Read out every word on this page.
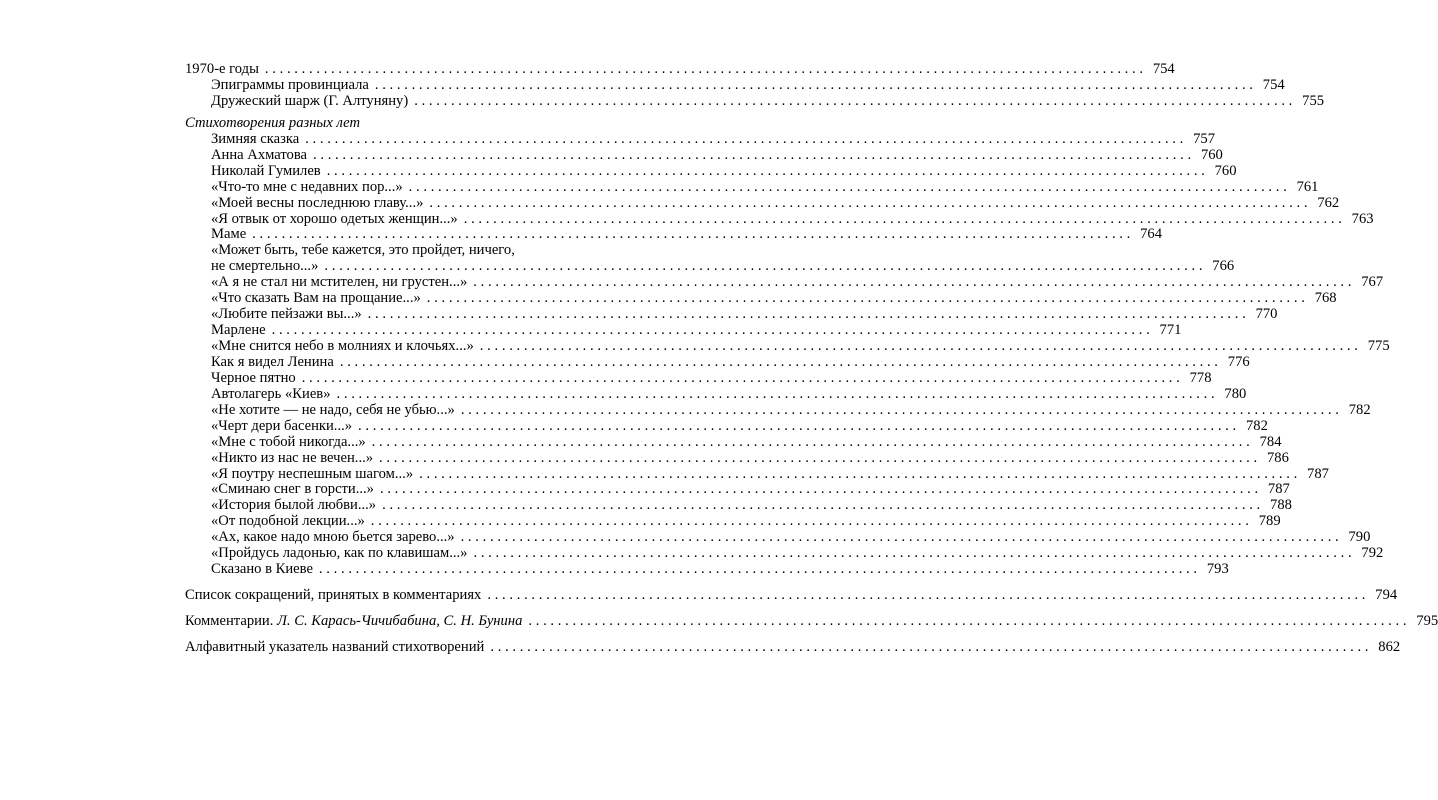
1970-е годы ........................................................................................................................ 754
Эпиграммы провинциала ........................................................................................................................ 754
Дружеский шарж (Г. Алтуняну) ........................................................................................................................ 755
Стихотворения разных лет
Зимняя сказка ........................................................................................................................ 757
Анна Ахматова ........................................................................................................................ 760
Николай Гумилев ........................................................................................................................ 760
«Что-то мне с недавних пор...» ........................................................................................................................ 761
«Моей весны последнюю главу...» ........................................................................................................................ 762
«Я отвык от хорошо одетых женщин...» ........................................................................................................................ 763
Маме ........................................................................................................................ 764
«Может быть, тебе кажется, это пройдет, ничего,
не смертельно...» ........................................................................................................................ 766
«А я не стал ни мстителен, ни грустен...» ........................................................................................................................ 767
«Что сказать Вам на прощание...» ........................................................................................................................ 768
«Любите пейзажи вы...» ........................................................................................................................ 770
Марлене ........................................................................................................................ 771
«Мне снится небо в молниях и клочьях...» ........................................................................................................................ 775
Как я видел Ленина ........................................................................................................................ 776
Черное пятно ........................................................................................................................ 778
Автолагерь «Киев» ........................................................................................................................ 780
«Не хотите — не надо, себя не убью...» ........................................................................................................................ 782
«Черт дери басенки...» ........................................................................................................................ 782
«Мне с тобой никогда...» ........................................................................................................................ 784
«Никто из нас не вечен...» ........................................................................................................................ 786
«Я поутру неспешным шагом...» ........................................................................................................................ 787
«Сминаю снег в горсти...» ........................................................................................................................ 787
«История былой любви...» ........................................................................................................................ 788
«От подобной лекции...» ........................................................................................................................ 789
«Ах, какое надо мною бьется зарево...» ........................................................................................................................ 790
«Пройдусь ладонью, как по клавишам...» ........................................................................................................................ 792
Сказано в Киеве ........................................................................................................................ 793
Список сокращений, принятых в комментариях ........................................................................................................................ 794
Комментарии. Л. С. Карась-Чичибабина, С. Н. Бунина ........................................................................................................................ 795
Алфавитный указатель названий стихотворений ........................................................................................................................ 862
